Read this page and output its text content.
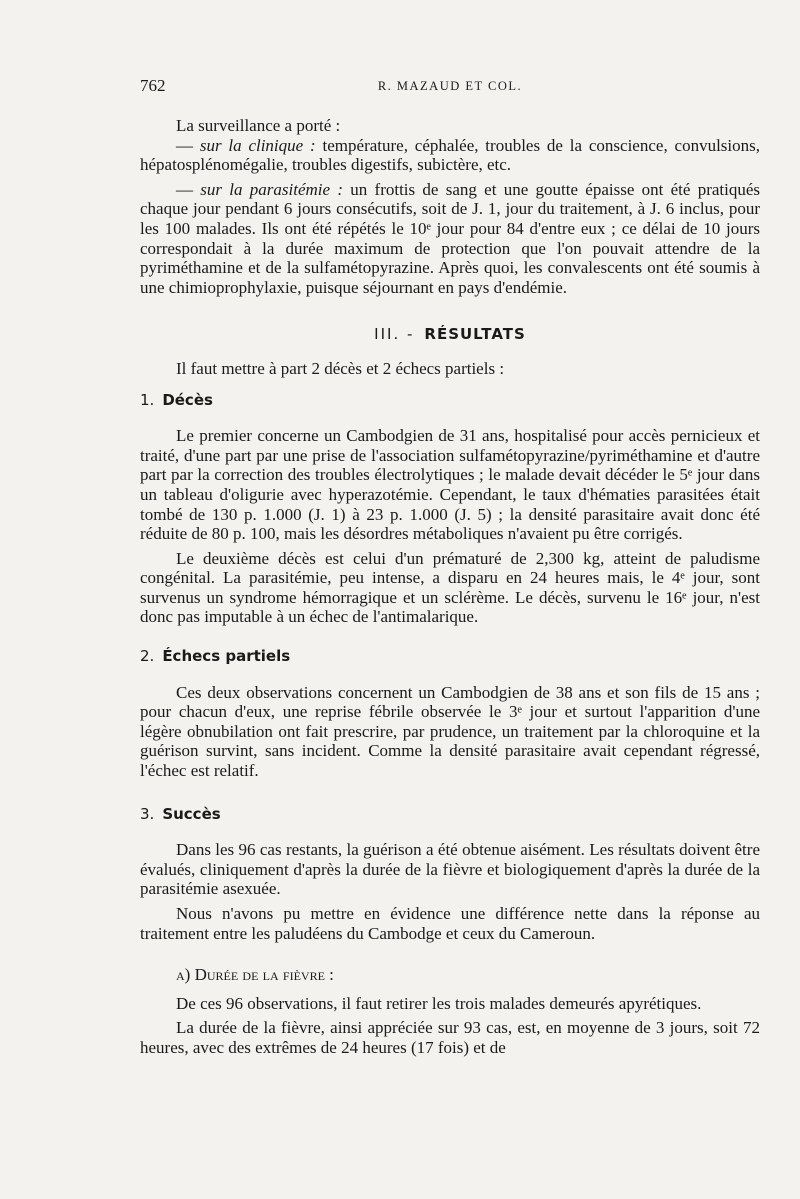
762	R. MAZAUD ET COL.

La surveillance a porté :

— sur la clinique : température, céphalée, troubles de la conscience, convulsions, hépatosplénomégalie, troubles digestifs, subictère, etc.

— sur la parasitémie : un frottis de sang et une goutte épaisse ont été pratiqués chaque jour pendant 6 jours consécutifs, soit de J. 1, jour du traitement, à J. 6 inclus, pour les 100 malades. Ils ont été répétés le 10ᵉ jour pour 84 d'entre eux ; ce délai de 10 jours correspondait à la durée maximum de protection que l'on pouvait attendre de la pyriméthamine et de la sulfamétopyrazine. Après quoi, les convalescents ont été soumis à une chimioprophylaxie, puisque séjournant en pays d'endémie.

III. - RÉSULTATS

Il faut mettre à part 2 décès et 2 échecs partiels :

1. Décès

Le premier concerne un Cambodgien de 31 ans, hospitalisé pour accès pernicieux et traité, d'une part par une prise de l'association sulfamétopyrazine/pyriméthamine et d'autre part par la correction des troubles électrolytiques ; le malade devait décéder le 5ᵉ jour dans un tableau d'oligurie avec hyperazotémie. Cependant, le taux d'hématies parasitées était tombé de 130 p. 1.000 (J. 1) à 23 p. 1.000 (J. 5) ; la densité parasitaire avait donc été réduite de 80 p. 100, mais les désordres métaboliques n'avaient pu être corrigés.

Le deuxième décès est celui d'un prématuré de 2,300 kg, atteint de paludisme congénital. La parasitémie, peu intense, a disparu en 24 heures mais, le 4ᵉ jour, sont survenus un syndrome hémorragique et un sclérème. Le décès, survenu le 16ᵉ jour, n'est donc pas imputable à un échec de l'antimalarique.

2. Échecs partiels

Ces deux observations concernent un Cambodgien de 38 ans et son fils de 15 ans ; pour chacun d'eux, une reprise fébrile observée le 3ᵉ jour et surtout l'apparition d'une légère obnubilation ont fait prescrire, par prudence, un traitement par la chloroquine et la guérison survint, sans incident. Comme la densité parasitaire avait cependant régressé, l'échec est relatif.

3. Succès

Dans les 96 cas restants, la guérison a été obtenue aisément. Les résultats doivent être évalués, cliniquement d'après la durée de la fièvre et biologiquement d'après la durée de la parasitémie asexuée.

Nous n'avons pu mettre en évidence une différence nette dans la réponse au traitement entre les paludéens du Cambodge et ceux du Cameroun.

a) Durée de la fièvre :

De ces 96 observations, il faut retirer les trois malades demeurés apyrétiques.

La durée de la fièvre, ainsi appréciée sur 93 cas, est, en moyenne de 3 jours, soit 72 heures, avec des extrêmes de 24 heures (17 fois) et de
